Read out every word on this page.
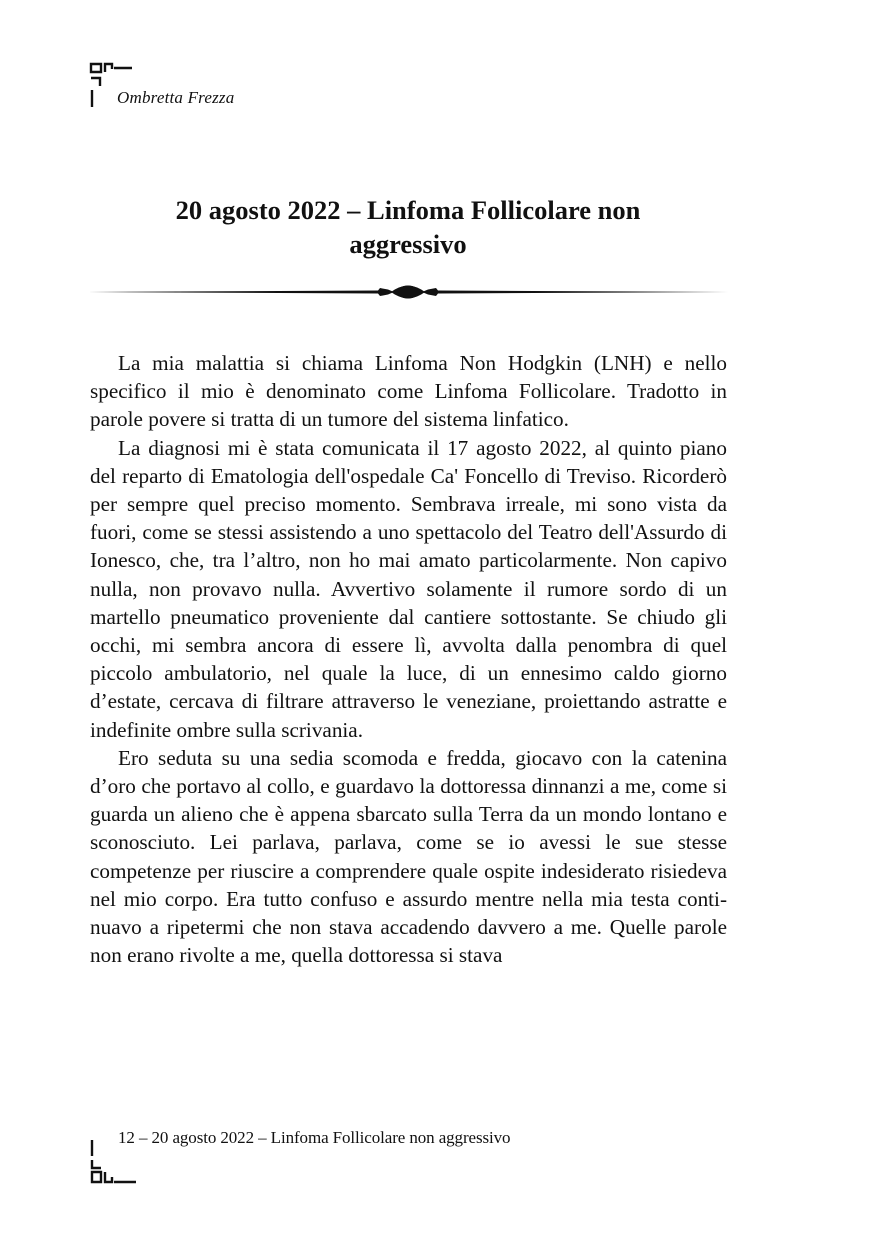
Ombretta Frezza
20 agosto 2022 – Linfoma Follicolare non
aggressivo

La mia malattia si chiama Linfoma Non Hodgkin (LNH) e nello specifico il mio è denominato come Linfoma Follicolare. Tradotto in parole povere si tratta di un tumore del sistema linfatico.

La diagnosi mi è stata comunicata il 17 agosto 2022, al quinto piano del reparto di Ematologia dell'ospedale Ca' Foncello di Treviso. Ricorderò per sempre quel preciso momento. Sembrava irreale, mi sono vista da fuori, come se stessi assistendo a uno spettacolo del Teatro dell'Assurdo di Ionesco, che, tra l’altro, non ho mai amato particolarmente. Non capivo nulla, non provavo nulla. Avvertivo solamente il rumore sordo di un martello pneumatico proveniente dal cantiere sottostante. Se chiudo gli occhi, mi sembra ancora di essere lì, avvolta dalla penombra di quel piccolo ambulatorio, nel quale la luce, di un ennesimo caldo giorno d’estate, cercava di filtrare attraverso le veneziane, proiettando astratte e indefinite ombre sulla scrivania.

Ero seduta su una sedia scomoda e fredda, giocavo con la catenina d’oro che portavo al collo, e guardavo la dottoressa dinnanzi a me, come si guarda un alieno che è appena sbarcato sulla Terra da un mondo lontano e sconosciuto. Lei parlava, parlava, come se io avessi le sue stesse competenze per riuscire a comprendere quale ospite indesiderato risiedeva nel mio corpo. Era tutto confuso e assurdo mentre nella mia testa continuavo a ripetermi che non stava accadendo davvero a me. Quelle parole non erano rivolte a me, quella dottoressa si stava

12 – 20 agosto 2022 – Linfoma Follicolare non aggressivo
